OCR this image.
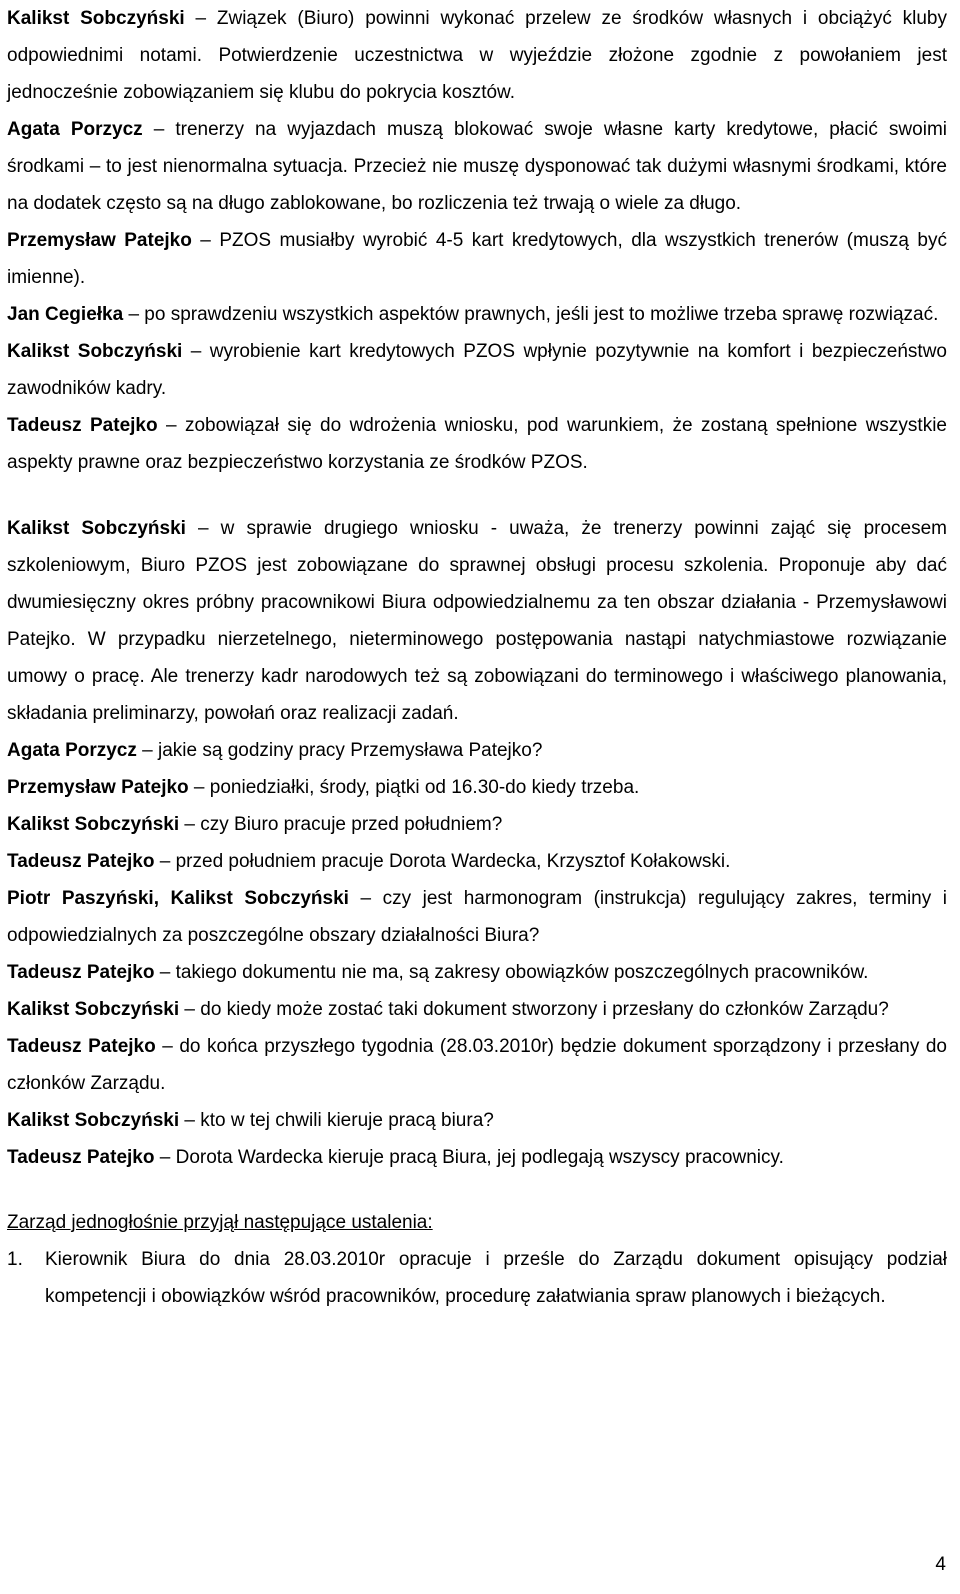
Kalikst Sobczyński – Związek (Biuro) powinni wykonać przelew ze środków własnych i obciążyć kluby odpowiednimi notami. Potwierdzenie uczestnictwa w wyjeździe złożone zgodnie z powołaniem jest jednocześnie zobowiązaniem się klubu do pokrycia kosztów.

Agata Porzycz – trenerzy na wyjazdach muszą blokować swoje własne karty kredytowe, płacić swoimi środkami – to jest nienormalna sytuacja. Przecież nie muszę dysponować tak dużymi własnymi środkami, które na dodatek często są na długo zablokowane, bo rozliczenia też trwają o wiele za długo.

Przemysław Patejko – PZOS musiałby wyrobić 4-5 kart kredytowych, dla wszystkich trenerów (muszą być imienne).

Jan Cegiełka – po sprawdzeniu wszystkich aspektów prawnych, jeśli jest to możliwe trzeba sprawę rozwiązać.

Kalikst Sobczyński – wyrobienie kart kredytowych PZOS wpłynie pozytywnie na komfort i bezpieczeństwo zawodników kadry.

Tadeusz Patejko – zobowiązał się do wdrożenia wniosku, pod warunkiem, że zostaną spełnione wszystkie aspekty prawne oraz bezpieczeństwo korzystania ze środków PZOS.

Kalikst Sobczyński – w sprawie drugiego wniosku - uważa, że trenerzy powinni zająć się procesem szkoleniowym, Biuro PZOS jest zobowiązane do sprawnej obsługi procesu szkolenia. Proponuje aby dać dwumiesięczny okres próbny pracownikowi Biura odpowiedzialnemu za ten obszar działania - Przemysławowi Patejko. W przypadku nierzetelnego, nieterminowego postępowania nastąpi natychmiastowe rozwiązanie umowy o pracę. Ale trenerzy kadr narodowych też są zobowiązani do terminowego i właściwego planowania, składania preliminarzy, powołań oraz realizacji zadań.

Agata Porzycz – jakie są godziny pracy Przemysława Patejko?

Przemysław Patejko – poniedziałki, środy, piątki od 16.30-do kiedy trzeba.

Kalikst Sobczyński – czy Biuro pracuje przed południem?

Tadeusz Patejko – przed południem pracuje Dorota Wardecka, Krzysztof Kołakowski.

Piotr Paszyński, Kalikst Sobczyński – czy jest harmonogram (instrukcja) regulujący zakres, terminy i odpowiedzialnych za poszczególne obszary działalności Biura?

Tadeusz Patejko – takiego dokumentu nie ma, są zakresy obowiązków poszczególnych pracowników.

Kalikst Sobczyński – do kiedy może zostać taki dokument stworzony i przesłany do członków Zarządu?

Tadeusz Patejko – do końca przyszłego tygodnia (28.03.2010r) będzie dokument sporządzony i przesłany do członków Zarządu.

Kalikst Sobczyński – kto w tej chwili kieruje pracą biura?

Tadeusz Patejko – Dorota Wardecka kieruje pracą Biura, jej podlegają wszyscy pracownicy.

Zarząd jednogłośnie przyjął następujące ustalenia:

1. Kierownik Biura do dnia 28.03.2010r opracuje i prześle do Zarządu dokument opisujący podział kompetencji i obowiązków wśród pracowników, procedurę załatwiania spraw planowych i bieżących.
4
